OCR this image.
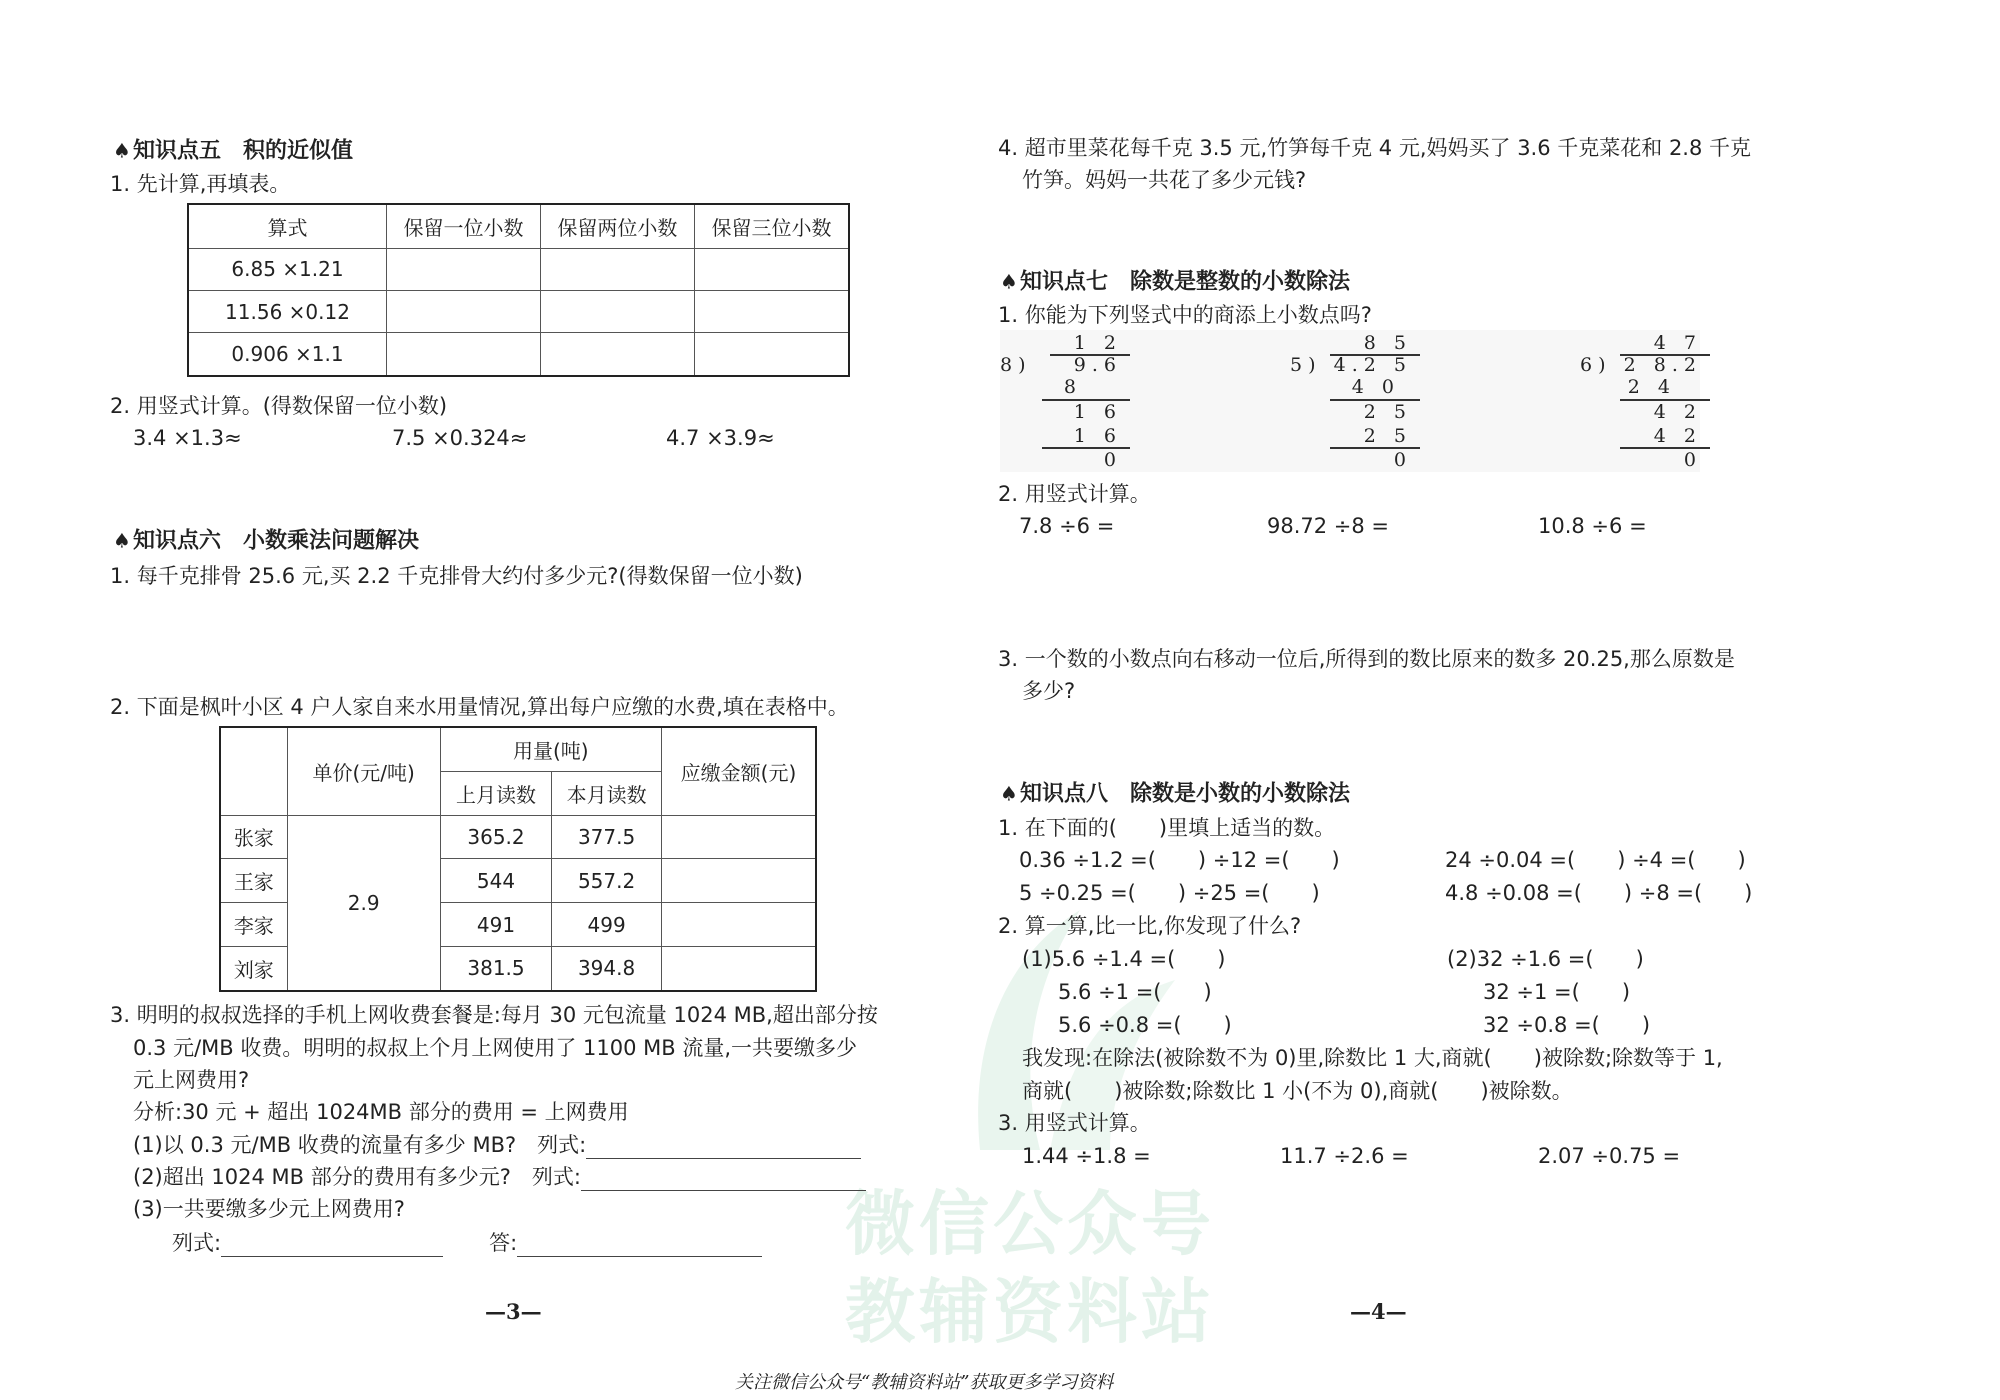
微信公众号
教辅资料站
♠知识点五　积的近似值
1. 先计算,再填表。
算式	保留一位小数	保留两位小数	保留三位小数
6.85 ×1.21			
11.56 ×0.12			
0.906 ×1.1			
2. 用竖式计算。(得数保留一位小数)
3.4 ×1.3≈	7.5 ×0.324≈	4.7 ×3.9≈
♠知识点六　小数乘法问题解决
1. 每千克排骨 25.6 元,买 2.2 千克排骨大约付多少元?(得数保留一位小数)
2. 下面是枫叶小区 4 户人家自来水用量情况,算出每户应缴的水费,填在表格中。
	单价(元/吨)	用量(吨)		应缴金额(元)
		上月读数	本月读数	
张家	2.9	365.2	377.5	
王家		544	557.2	
李家		491	499	
刘家		381.5	394.8	
3. 明明的叔叔选择的手机上网收费套餐是:每月 30 元包流量 1024 MB,超出部分按
0.3 元/MB 收费。明明的叔叔上个月上网使用了 1100 MB 流量,一共要缴多少
元上网费用?
分析:30 元 + 超出 1024MB 部分的费用 = 上网费用
(1)以 0.3 元/MB 收费的流量有多少 MB?　列式:
(2)超出 1024 MB 部分的费用有多少元?　列式:
(3)一共要缴多少元上网费用?
列式:	答:
—3—
4. 超市里菜花每千克 3.5 元,竹笋每千克 4 元,妈妈买了 3.6 千克菜花和 2.8 千克
竹笋。妈妈一共花了多少元钱?
♠知识点七　除数是整数的小数除法
1. 你能为下列竖式中的商添上小数点吗?
1 2
8) 9.6
8
1 6
1 6
0
8 5
5) 4.2 5
4 0
2 5
2 5
0
4 7
6) 2 8.2
2 4
4 2
4 2
0
2. 用竖式计算。
7.8 ÷6 =	98.72 ÷8 =	10.8 ÷6 =
3. 一个数的小数点向右移动一位后,所得到的数比原来的数多 20.25,那么原数是
多少?
♠知识点八　除数是小数的小数除法
1. 在下面的(　　)里填上适当的数。
0.36 ÷1.2 =(　　) ÷12 =(　　)	24 ÷0.04 =(　　) ÷4 =(　　)
5 ÷0.25 =(　　) ÷25 =(　　)	4.8 ÷0.08 =(　　) ÷8 =(　　)
2. 算一算,比一比,你发现了什么?
(1)5.6 ÷1.4 =(　　)
5.6 ÷1 =(　　)
5.6 ÷0.8 =(　　)
(2)32 ÷1.6 =(　　)
32 ÷1 =(　　)
32 ÷0.8 =(　　)
我发现:在除法(被除数不为 0)里,除数比 1 大,商就(　　)被除数;除数等于 1,
商就(　　)被除数;除数比 1 小(不为 0),商就(　　)被除数。
3. 用竖式计算。
1.44 ÷1.8 =	11.7 ÷2.6 =	2.07 ÷0.75 =
—4—
关注微信公众号“教辅资料站”获取更多学习资料
